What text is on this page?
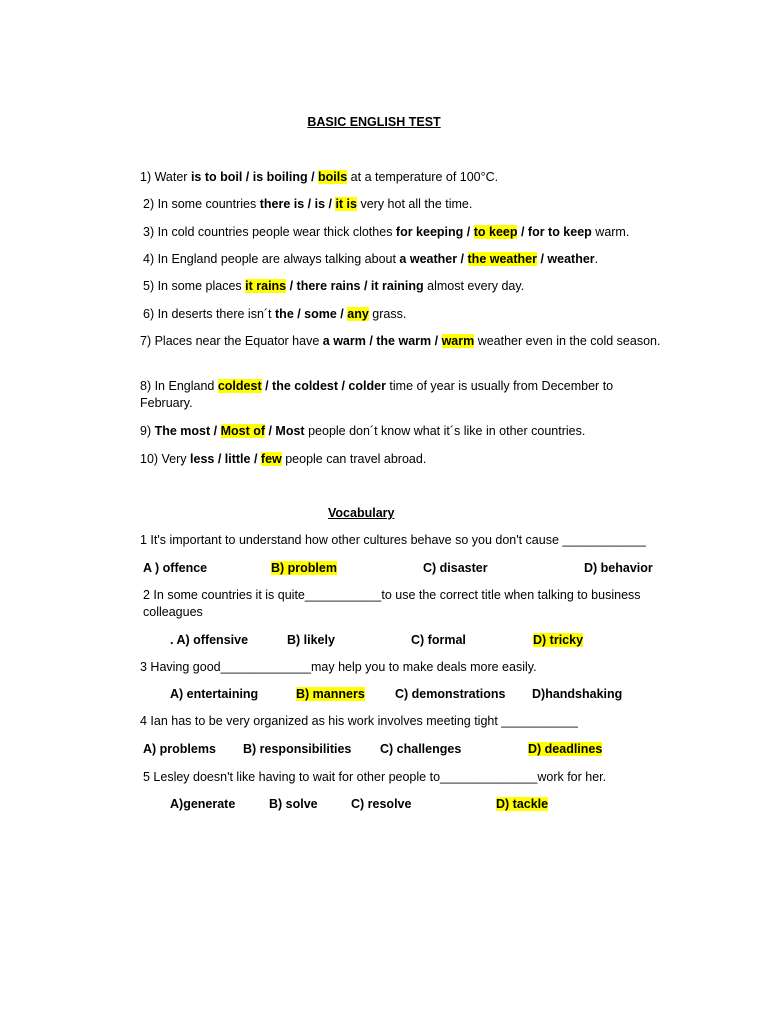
BASIC ENGLISH TEST
1) Water is to boil / is boiling / boils at a temperature of 100°C.
2) In some countries there is / is / it is very hot all the time.
3) In cold countries people wear thick clothes for keeping / to keep / for to keep warm.
4) In England people are always talking about a weather / the weather / weather.
5) In some places it rains / there rains / it raining almost every day.
6) In deserts there isn´t the / some / any grass.
7) Places near the Equator have a warm / the warm / warm weather even in the cold season.
8) In England coldest / the coldest / colder time of year is usually from December to February.
9) The most / Most of / Most people don´t know what it´s like in other countries.
10) Very less / little / few people can travel abroad.
Vocabulary
1 It's important to understand how other cultures behave so you don't cause ____________
A ) offence	B) problem	C) disaster	D) behavior
2 In some countries it is quite___________to use the correct title when talking to business colleagues
. A) offensive	B) likely	C) formal	D) tricky
3 Having good_____________may help you to make deals more easily.
A) entertaining	B) manners C) demonstrations D)handshaking
4 Ian has to be very organized as his work involves meeting tight ___________
A) problems B) responsibilities C) challenges	D) deadlines
5 Lesley doesn't like having to wait for other people to______________work for her.
A)generate	B) solve	C) resolve	D) tackle
